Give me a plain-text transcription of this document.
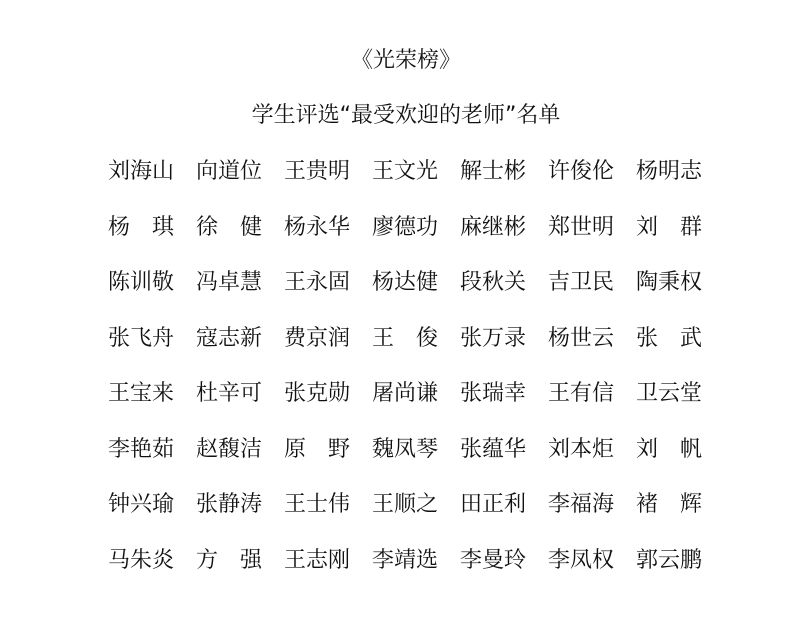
《光荣榜》
学生评选“最受欢迎的老师”名单
刘海山 向道位 王贵明 王文光 解士彬 许俊伦 杨明志
杨琪 徐健 杨永华 廖德功 麻继彬 郑世明 刘群
陈训敬 冯卓慧 王永固 杨达健 段秋关 吉卫民 陶秉权
张飞舟 寇志新 费京润 王俊 张万录 杨世云 张武
王宝来 杜辛可 张克勋 屠尚谦 张瑞幸 王有信 卫云堂
李艳茹 赵馥洁 原野 魏凤琴 张蕴华 刘本炬 刘帆
钟兴瑜 张静涛 王士伟 王顺之 田正利 李福海 褚辉
马朱炎 方强 王志刚 李靖选 李曼玲 李凤权 郭云鹏
